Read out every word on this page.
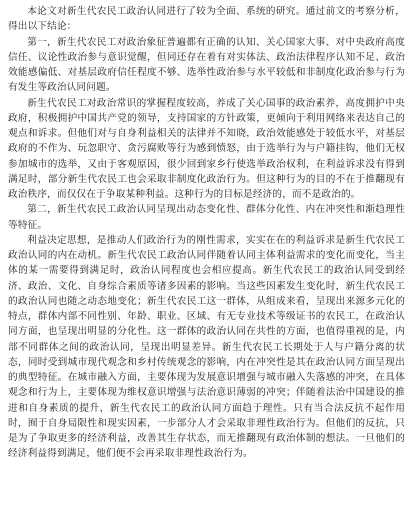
本论文对新生代农民工政治认同进行了较为全面、系统的研究。通过前文的考察分析，得出以下结论：

第一，新生代农民工对政治象征普遍都有正确的认知、关心国家大事、对中央政府高度信任、议论性政治参与意识觉醒，但同还存在着有对实体法、政治法律程序认知不足、政治效能感偏低、对基层政府信任程度不够、选举性政治参与水平较低和非制度化政治参与行为有发生等政治认同问题。

新生代农民工对政治常识的掌握程度较高，养成了关心国事的政治素养，高度拥护中央政府，积极拥护中国共产党的领导，支持国家的方针政策，更倾向于利用网络来表达自己的观点和诉求。但他们对与自身利益相关的法律并不知晓，政治效能感处于较低水平，对基层政府的不作为、玩忽职守、贪污腐败等行为感到愤怒，由于选举行为与户籍挂钩，他们无权参加城市的选举，又由于客观原因，很少回到家乡行使选举政治权利，在利益诉求没有得到满足时，部分新生代农民工也会采取非制度化政治行为。但这种行为的目的不在于推翻现有政治秩序，而仅仅在于争取某种利益。这种行为的目标是经济的，而不是政治的。

第二，新生代农民工政治认同呈现出动态变化性、群体分化性、内在冲突性和渐趋理性等特征。

利益决定思想，是推动人们政治行为的刚性需求，实实在在的利益诉求是新生代农民工政治认同的内在动机。新生代农民工政治认同伴随着认同主体利益需求的变化而变化，当主体的某一需要得到满足时，政治认同程度也会相应提高。新生代农民工的政治认同受到经济、政治、文化、自身综合素质等诸多因素的影响。当这些因素发生变化时，新生代农民工的政治认同也随之动态地变化；新生代农民工这一群体，从组成来看，呈现出来源多元化的特点，群体内部不同性别、年龄、职业、区域、有无专业技术等级证书的农民工，在政治认同方面，也呈现出明显的分化性。这一群体的政治认同在共性的方面，也值得重视的是，内部不同群体之间的政治认同，呈现出明显差异。新生代农民工长期处于人与户籍分离的状态，同时受到城市现代观念和乡村传统观念的影响，内在冲突性是其在政治认同方面呈现出的典型特征。在城市融入方面，主要体现为发展意识增强与城市融入失落感的冲突，在具体观念和行为上，主要体现为维权意识增强与法治意识薄弱的冲突；伴随着法治中国建设的推进和自身素质的提升，新生代农民工的政治认同方面趋于理性。只有当合法反抗不起作用时，囿于自身局限性和现实因素，一步部分人才会采取非理性政治行为。但他们的反抗，只是为了争取更多的经济利益，改善其生存状态，而无推翻现有政治体制的想法。一旦他们的经济利益得到满足，他们便不会再采取非理性政治行为。
